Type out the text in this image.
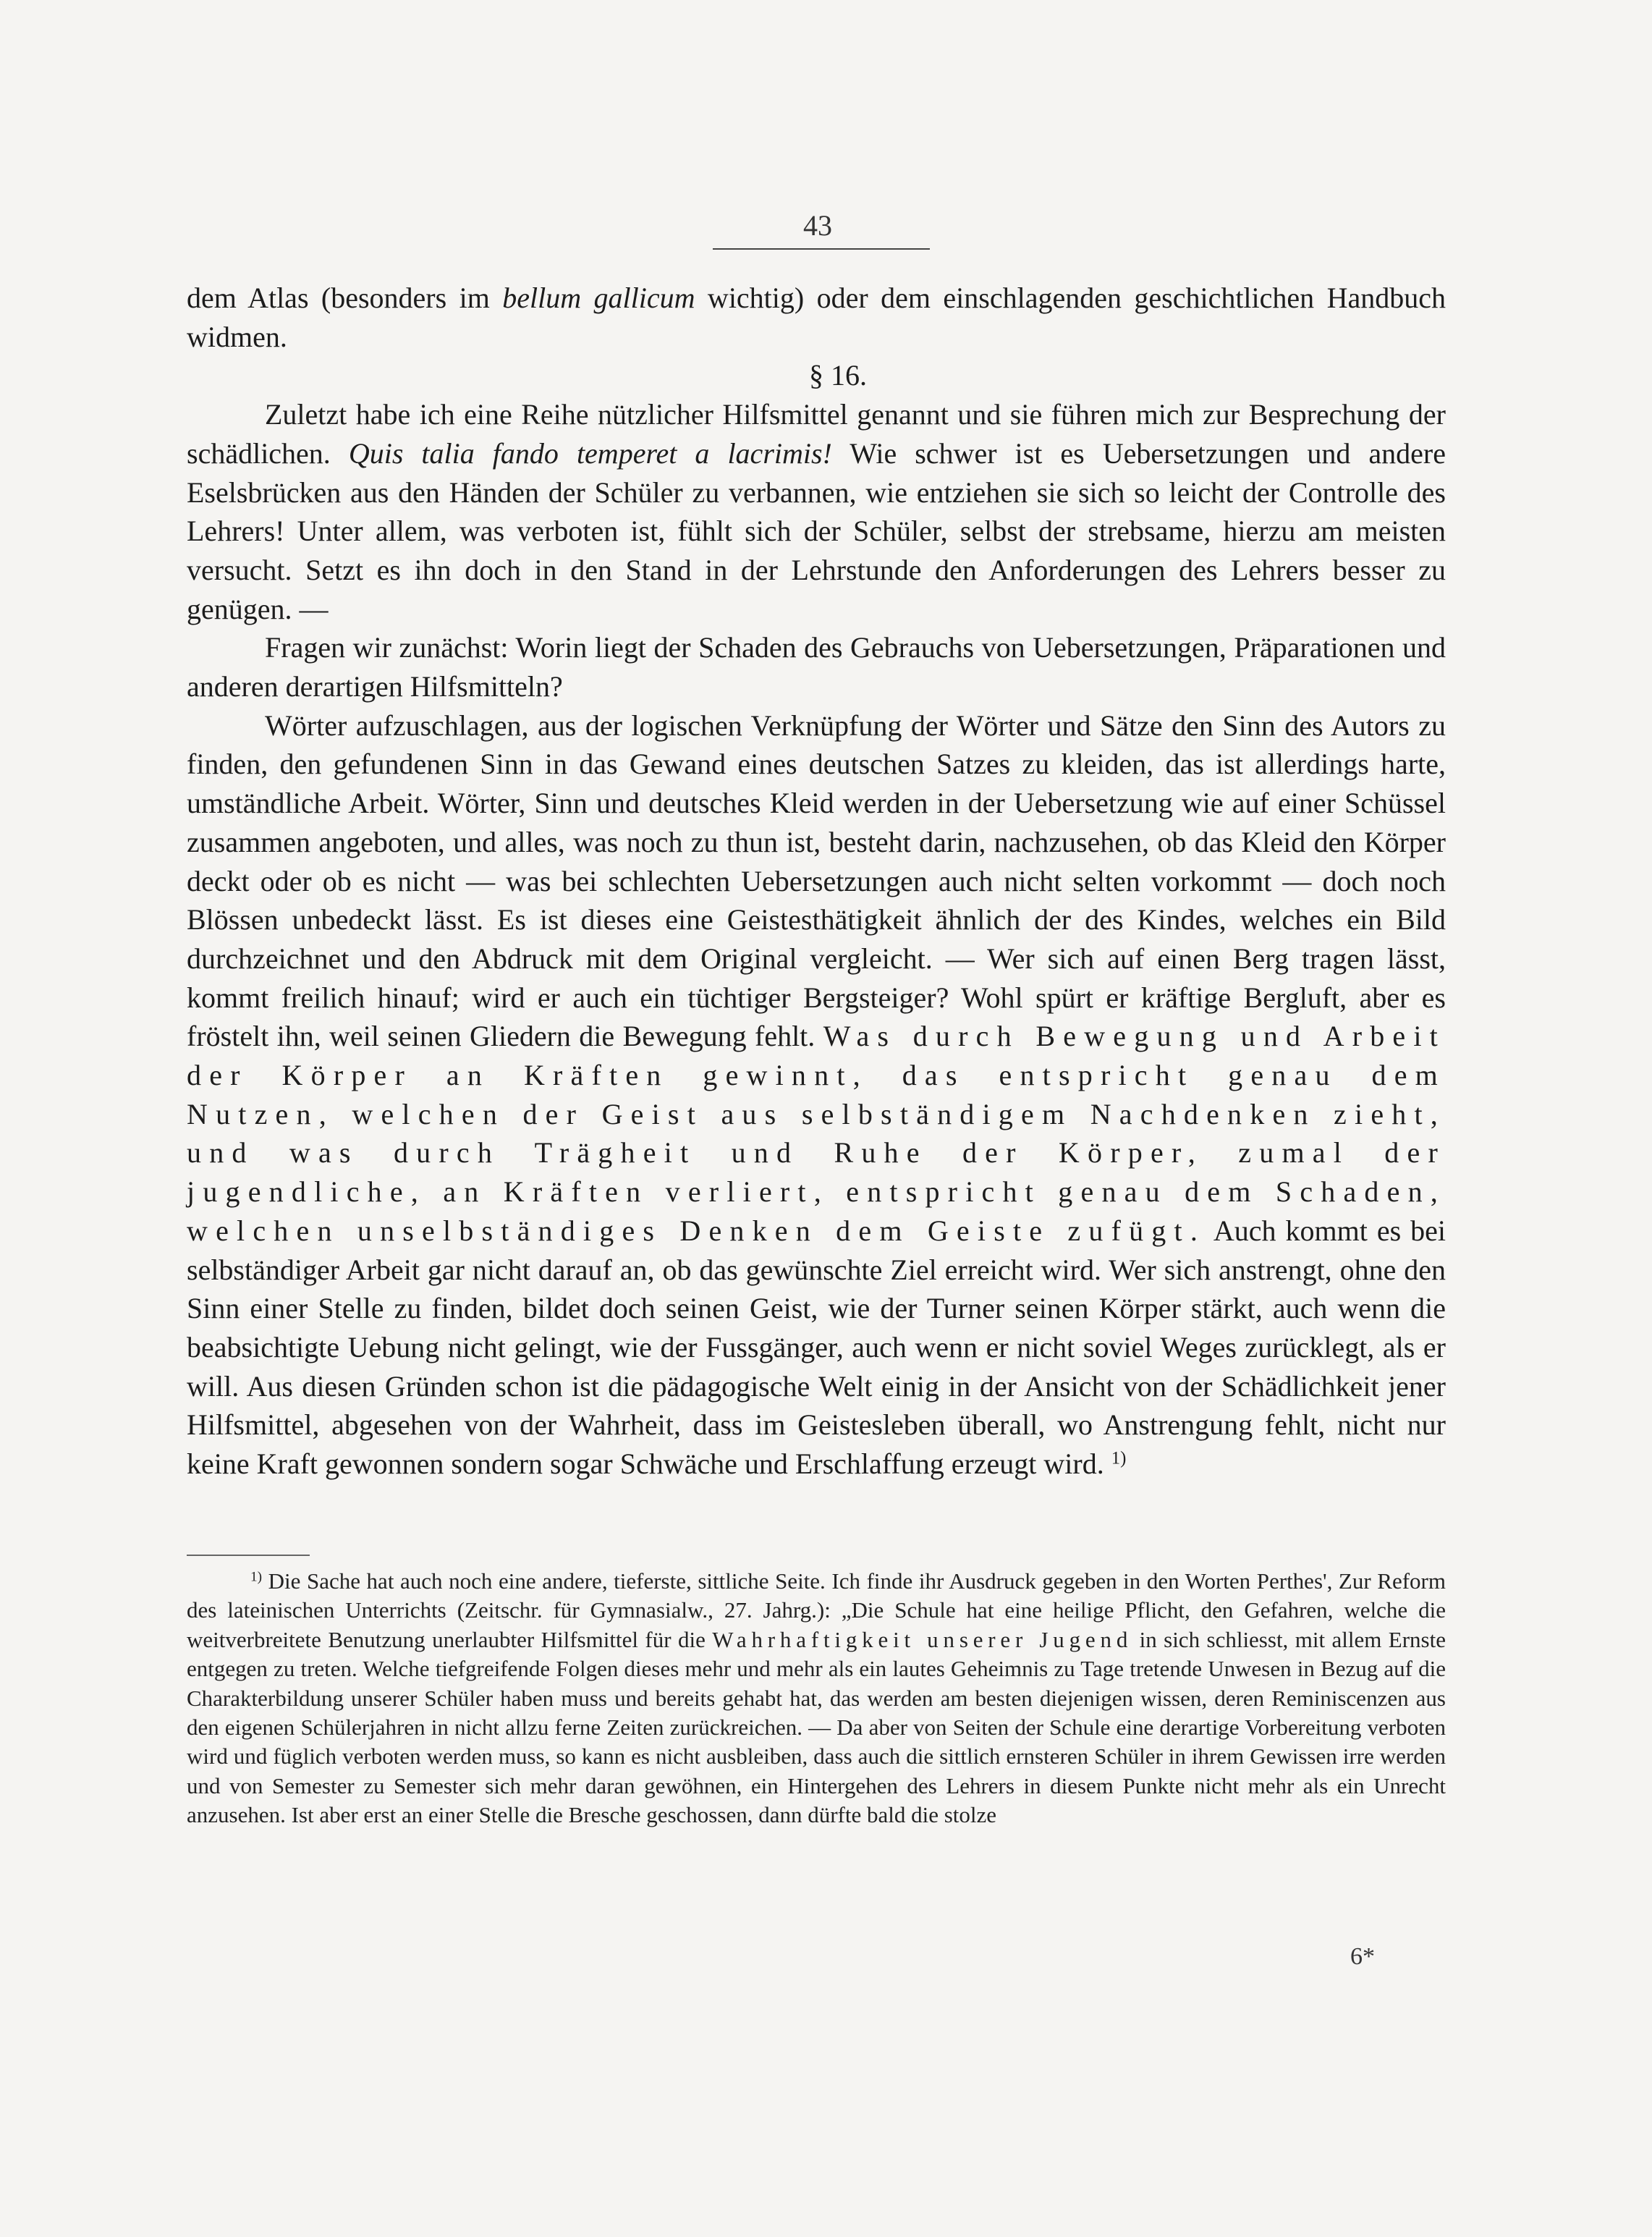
43

dem Atlas (besonders im bellum gallicum wichtig) oder dem einschlagenden geschichtlichen Handbuch widmen.

§ 16.

Zuletzt habe ich eine Reihe nützlicher Hilfsmittel genannt und sie führen mich zur Besprechung der schädlichen. Quis talia fando temperet a lacrimis! Wie schwer ist es Uebersetzungen und andere Eselsbrücken aus den Händen der Schüler zu verbannen, wie entziehen sie sich so leicht der Controlle des Lehrers! Unter allem, was verboten ist, fühlt sich der Schüler, selbst der strebsame, hierzu am meisten versucht. Setzt es ihn doch in den Stand in der Lehrstunde den Anforderungen des Lehrers besser zu genügen. —

Fragen wir zunächst: Worin liegt der Schaden des Gebrauchs von Uebersetzungen, Präparationen und anderen derartigen Hilfsmitteln?

Wörter aufzuschlagen, aus der logischen Verknüpfung der Wörter und Sätze den Sinn des Autors zu finden, den gefundenen Sinn in das Gewand eines deutschen Satzes zu kleiden, das ist allerdings harte, umständliche Arbeit. Wörter, Sinn und deutsches Kleid werden in der Uebersetzung wie auf einer Schüssel zusammen angeboten, und alles, was noch zu thun ist, besteht darin, nachzusehen, ob das Kleid den Körper deckt oder ob es nicht — was bei schlechten Uebersetzungen auch nicht selten vorkommt — doch noch Blössen unbedeckt lässt. Es ist dieses eine Geistesthätigkeit ähnlich der des Kindes, welches ein Bild durchzeichnet und den Abdruck mit dem Original vergleicht. — Wer sich auf einen Berg tragen lässt, kommt freilich hinauf; wird er auch ein tüchtiger Bergsteiger? Wohl spürt er kräftige Bergluft, aber es fröstelt ihn, weil seinen Gliedern die Bewegung fehlt. Was durch Bewegung und Arbeit der Körper an Kräften gewinnt, das entspricht genau dem Nutzen, welchen der Geist aus selbständigem Nachdenken zieht, und was durch Trägheit und Ruhe der Körper, zumal der jugendliche, an Kräften verliert, entspricht genau dem Schaden, welchen unselbständiges Denken dem Geiste zufügt. Auch kommt es bei selbständiger Arbeit gar nicht darauf an, ob das gewünschte Ziel erreicht wird. Wer sich anstrengt, ohne den Sinn einer Stelle zu finden, bildet doch seinen Geist, wie der Turner seinen Körper stärkt, auch wenn die beabsichtigte Uebung nicht gelingt, wie der Fussgänger, auch wenn er nicht soviel Weges zurücklegt, als er will. Aus diesen Gründen schon ist die pädagogische Welt einig in der Ansicht von der Schädlichkeit jener Hilfsmittel, abgesehen von der Wahrheit, dass im Geistesleben überall, wo Anstrengung fehlt, nicht nur keine Kraft gewonnen sondern sogar Schwäche und Erschlaffung erzeugt wird. $^{1)}$

$^{1)}$ Die Sache hat auch noch eine andere, tieferste, sittliche Seite. Ich finde ihr Ausdruck gegeben in den Worten Perthes', Zur Reform des lateinischen Unterrichts (Zeitschr. für Gymnasialw., 27. Jahrg.): „Die Schule hat eine heilige Pflicht, den Gefahren, welche die weitverbreitete Benutzung unerlaubter Hilfsmittel für die Wahrhaftigkeit unserer Jugend in sich schliesst, mit allem Ernste entgegen zu treten. Welche tiefgreifende Folgen dieses mehr und mehr als ein lautes Geheimnis zu Tage tretende Unwesen in Bezug auf die Charakterbildung unserer Schüler haben muss und bereits gehabt hat, das werden am besten diejenigen wissen, deren Reminiscenzen aus den eigenen Schülerjahren in nicht allzu ferne Zeiten zurückreichen. — Da aber von Seiten der Schule eine derartige Vorbereitung verboten wird und füglich verboten werden muss, so kann es nicht ausbleiben, dass auch die sittlich ernsteren Schüler in ihrem Gewissen irre werden und von Semester zu Semester sich mehr daran gewöhnen, ein Hintergehen des Lehrers in diesem Punkte nicht mehr als ein Unrecht anzusehen. Ist aber erst an einer Stelle die Bresche geschossen, dann dürfte bald die stolze

6*
